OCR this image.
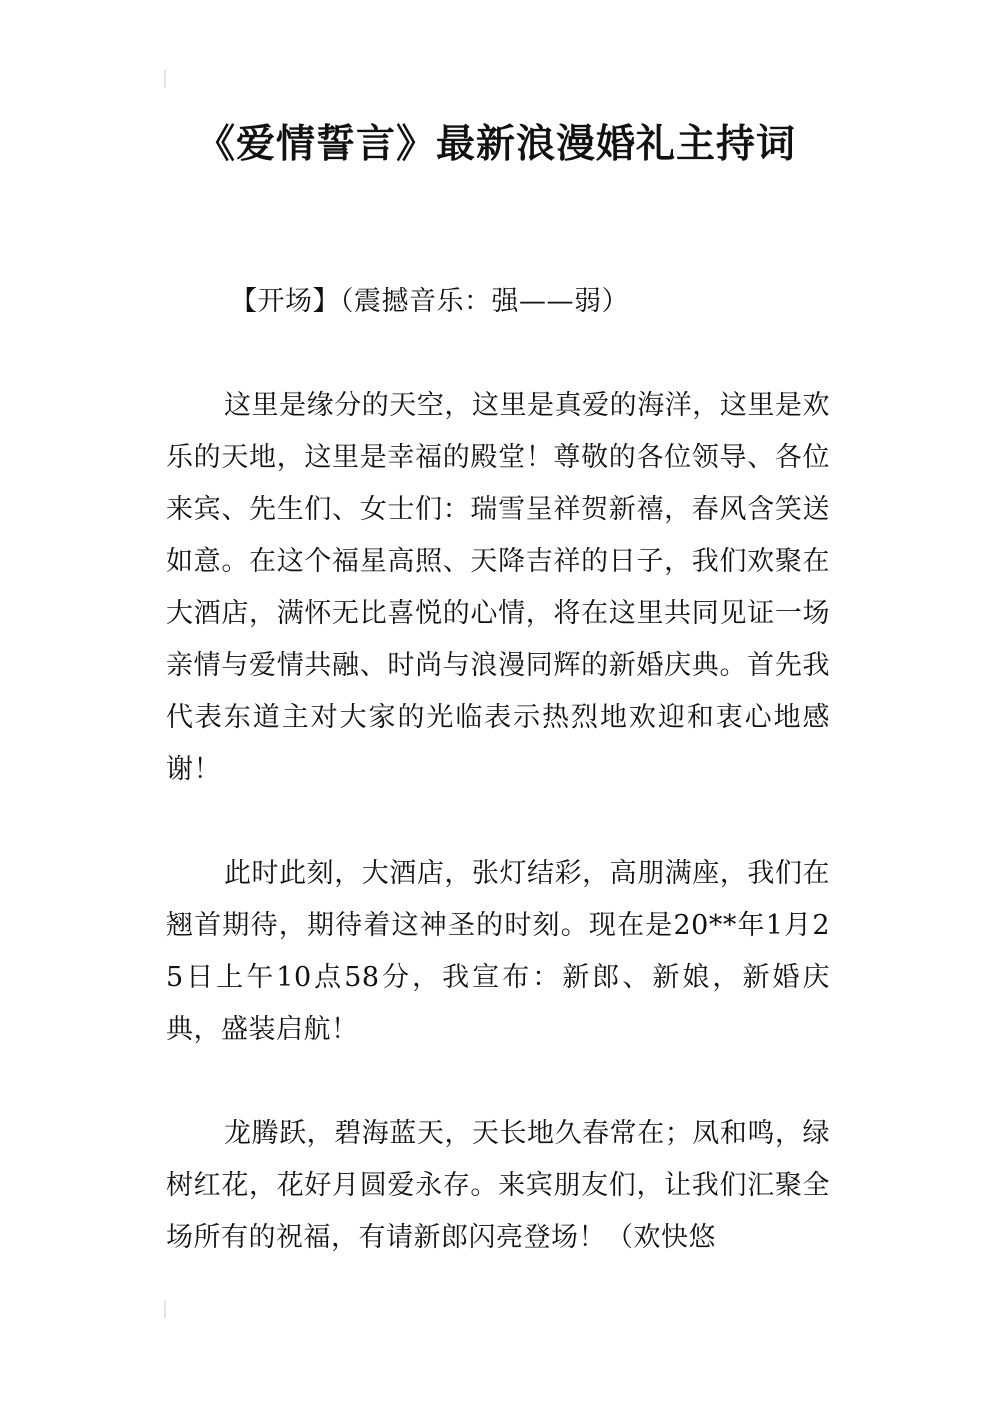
《爱情誓言》最新浪漫婚礼主持词

【开场】（震撼音乐：强——弱）

这里是缘分的天空，这里是真爱的海洋，这里是欢乐的天地，这里是幸福的殿堂！尊敬的各位领导、各位来宾、先生们、女士们：瑞雪呈祥贺新禧，春风含笑送如意。在这个福星高照、天降吉祥的日子，我们欢聚在大酒店，满怀无比喜悦的心情，将在这里共同见证一场亲情与爱情共融、时尚与浪漫同辉的新婚庆典。首先我代表东道主对大家的光临表示热烈地欢迎和衷心地感谢！

此时此刻，大酒店，张灯结彩，高朋满座，我们在翘首期待，期待着这神圣的时刻。现在是20**年1月25日上午10点58分，我宣布：新郎、新娘，新婚庆典，盛装启航！

龙腾跃，碧海蓝天，天长地久春常在；凤和鸣，绿树红花，花好月圆爱永存。来宾朋友们，让我们汇聚全场所有的祝福，有请新郎闪亮登场！（欢快悠
